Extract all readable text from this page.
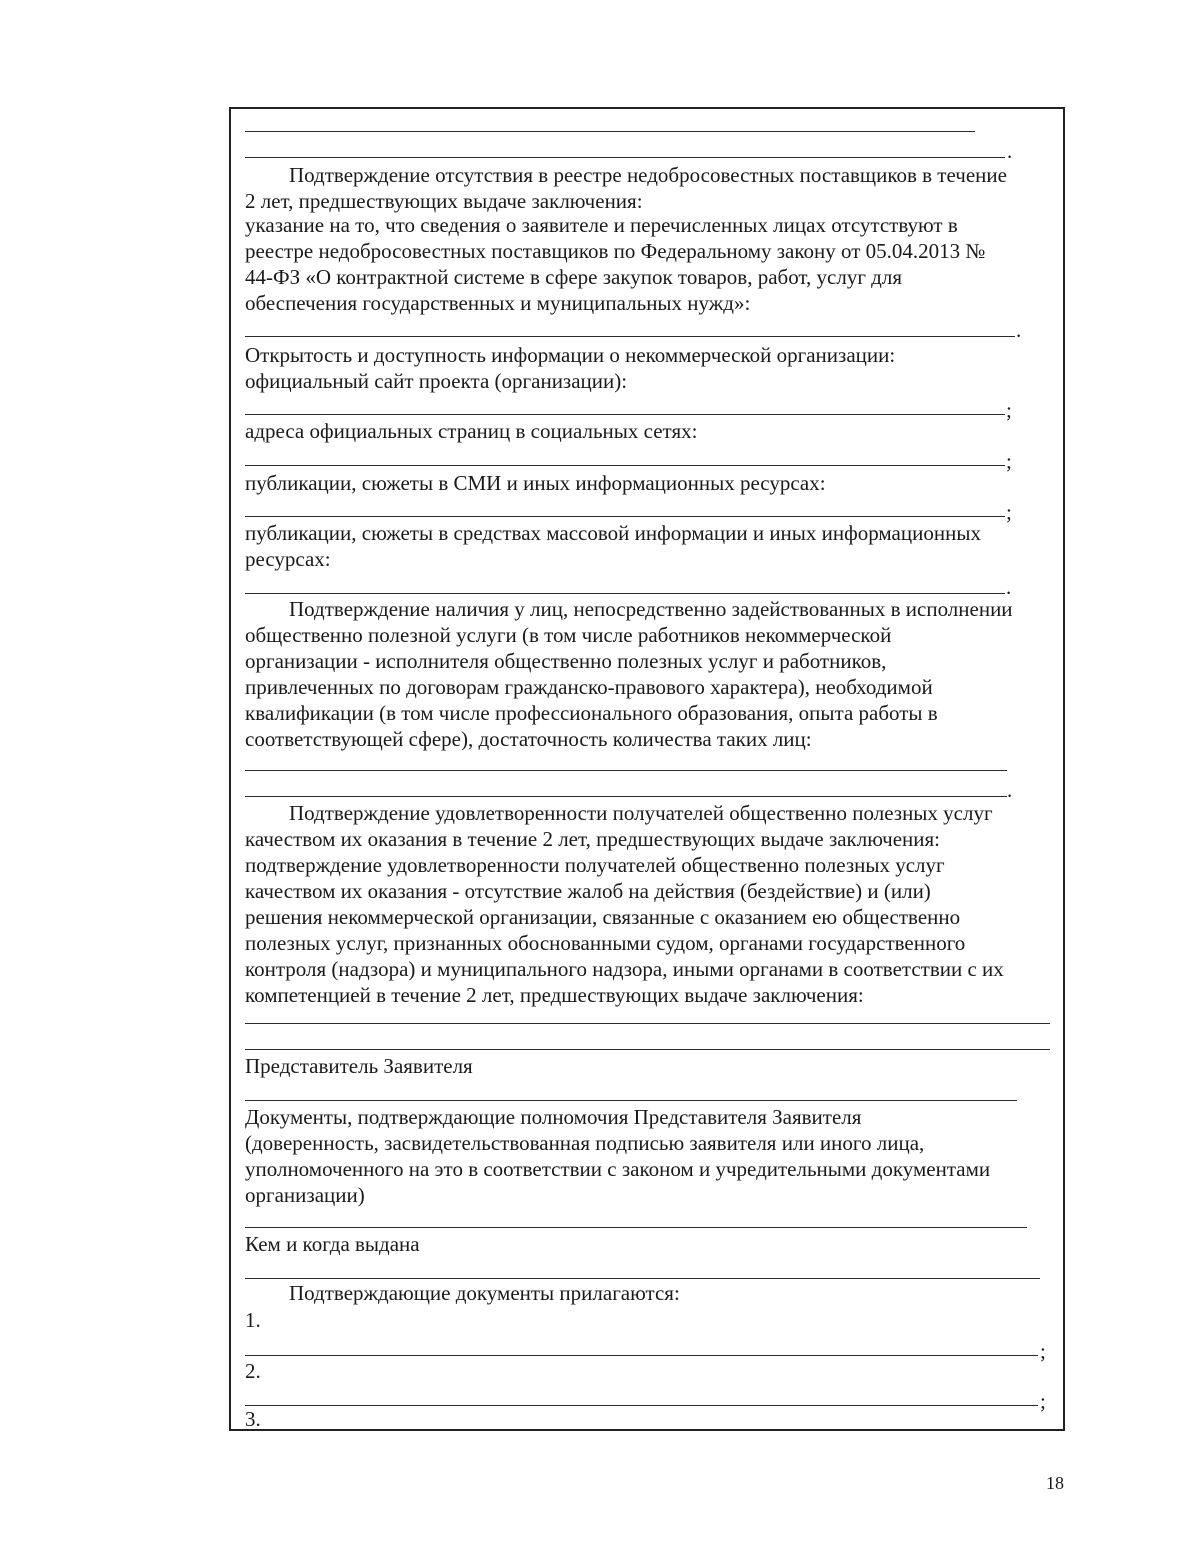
.

Подтверждение отсутствия в реестре недобросовестных поставщиков в течение
2 лет, предшествующих выдаче заключения:

указание на то, что сведения о заявителе и перечисленных лицах отсутствуют в
реестре недобросовестных поставщиков по Федеральному закону от 05.04.2013 №
44-ФЗ «О контрактной системе в сфере закупок товаров, работ, услуг для
обеспечения государственных и муниципальных нужд»:

.

Открытость и доступность информации о некоммерческой организации:
официальный сайт проекта (организации):

;

адреса официальных страниц в социальных сетях:

;

публикации, сюжеты в СМИ и иных информационных ресурсах:

;

публикации, сюжеты в средствах массовой информации и иных информационных
ресурсах:

.

Подтверждение наличия у лиц, непосредственно задействованных в исполнении
общественно полезной услуги (в том числе работников некоммерческой
организации - исполнителя общественно полезных услуг и работников,
привлеченных по договорам гражданско-правового характера), необходимой
квалификации (в том числе профессионального образования, опыта работы в
соответствующей сфере), достаточность количества таких лиц:

.

Подтверждение удовлетворенности получателей общественно полезных услуг
качеством их оказания в течение 2 лет, предшествующих выдаче заключения:
подтверждение удовлетворенности получателей общественно полезных услуг
качеством их оказания - отсутствие жалоб на действия (бездействие) и (или)
решения некоммерческой организации, связанные с оказанием ею общественно
полезных услуг, признанных обоснованными судом, органами государственного
контроля (надзора) и муниципального надзора, иными органами в соответствии с их
компетенцией в течение 2 лет, предшествующих выдаче заключения:

Представитель Заявителя

Документы, подтверждающие полномочия Представителя Заявителя
(доверенность, засвидетельствованная подписью заявителя или иного лица,
уполномоченного на это в соответствии с законом и учредительными документами
организации)

Кем и когда выдана

Подтверждающие документы прилагаются:

1.

;

2.

;

3.

18
